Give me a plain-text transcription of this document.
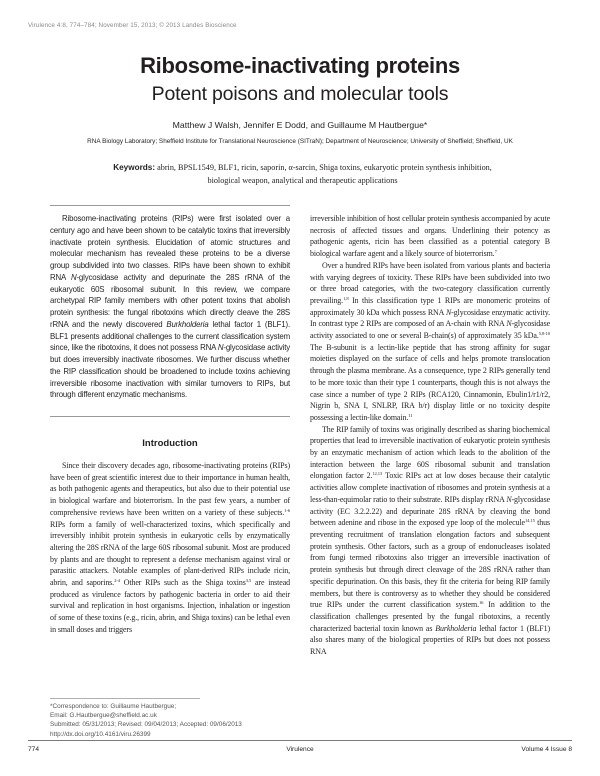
Virulence 4:8, 774–784; November 15, 2013; © 2013 Landes Bioscience
Ribosome-inactivating proteins
Potent poisons and molecular tools
Matthew J Walsh, Jennifer E Dodd, and Guillaume M Hautbergue*
RNA Biology Laboratory; Sheffield Institute for Translational Neuroscience (SITraN); Department of Neuroscience; University of Sheffield; Sheffield, UK
Keywords: abrin, BPSL1549, BLF1, ricin, saporin, α-sarcin, Shiga toxins, eukaryotic protein synthesis inhibition,
biological weapon, analytical and therapeutic applications

Ribosome-inactivating proteins (RIPs) were first isolated over a century ago and have been shown to be catalytic toxins that irreversibly inactivate protein synthesis. Elucidation of atomic structures and molecular mechanism has revealed these proteins to be a diverse group subdivided into two classes. RIPs have been shown to exhibit RNA N-glycosidase activity and depurinate the 28S rRNA of the eukaryotic 60S ribosomal subunit. In this review, we compare archetypal RIP family members with other potent toxins that abolish protein synthesis: the fungal ribotoxins which directly cleave the 28S rRNA and the newly discovered Burkholderia lethal factor 1 (BLF1). BLF1 presents additional challenges to the current classification system since, like the ribotoxins, it does not possess RNA N-glycosidase activity but does irreversibly inactivate ribosomes. We further discuss whether the RIP classification should be broadened to include toxins achieving irreversible ribosome inactivation with similar turnovers to RIPs, but through different enzymatic mechanisms.

Introduction

Since their discovery decades ago, ribosome-inactivating proteins (RIPs) have been of great scientific interest due to their importance in human health, as both pathogenic agents and therapeutics, but also due to their potential use in biological warfare and bioterrorism. In the past few years, a number of comprehensive reviews have been written on a variety of these subjects.$^{1-6}$ RIPs form a family of well-characterized toxins, which specifically and irreversibly inhibit protein synthesis in eukaryotic cells by enzymatically altering the 28S rRNA of the large 60S ribosomal subunit. Most are produced by plants and are thought to represent a defense mechanism against viral or parasitic attackers. Notable examples of plant-derived RIPs include ricin, abrin, and saporins.$^{2-4}$ Other RIPs such as the Shiga toxins$^{3,5}$ are instead produced as virulence factors by pathogenic bacteria in order to aid their survival and replication in host organisms. Injection, inhalation or ingestion of some of these toxins (e.g., ricin, abrin, and Shiga toxins) can be lethal even in small doses and triggers

irreversible inhibition of host cellular protein synthesis accompanied by acute necrosis of affected tissues and organs. Underlining their potency as pathogenic agents, ricin has been classified as a potential category B biological warfare agent and a likely source of bioterrorism.$^7$

Over a hundred RIPs have been isolated from various plants and bacteria with varying degrees of toxicity. These RIPs have been subdivided into two or three broad categories, with the two-category classification currently prevailing.$^{1,8}$ In this classification type 1 RIPs are monomeric proteins of approximately 30 kDa which possess RNA N-glycosidase enzymatic activity. In contrast type 2 RIPs are composed of an A-chain with RNA N-glycosidase activity associated to one or several B-chain(s) of approximately 35 kDa.$^{5,8-10}$ The B-subunit is a lectin-like peptide that has strong affinity for sugar moieties displayed on the surface of cells and helps promote translocation through the plasma membrane. As a consequence, type 2 RIPs generally tend to be more toxic than their type 1 counterparts, though this is not always the case since a number of type 2 RIPs (RCA120, Cinnamonin, Ebulin1/r1/r2, Nigrin b, SNA I, SNLRP, IRA b/r) display little or no toxicity despite possessing a lectin-like domain.$^{11}$

The RIP family of toxins was originally described as sharing biochemical properties that lead to irreversible inactivation of eukaryotic protein synthesis by an enzymatic mechanism of action which leads to the abolition of the interaction between the large 60S ribosomal subunit and translation elongation factor 2.$^{12,13}$ Toxic RIPs act at low doses because their catalytic activities allow complete inactivation of ribosomes and protein synthesis at a less-than-equimolar ratio to their substrate. RIPs display rRNA N-glycosidase activity (EC 3.2.2.22) and depurinate 28S rRNA by cleaving the bond between adenine and ribose in the exposed ype loop of the molecule$^{14,15}$ thus preventing recruitment of translation elongation factors and subsequent protein synthesis. Other factors, such as a group of endonucleases isolated from fungi termed ribotoxins also trigger an irreversible inactivation of protein synthesis but through direct cleavage of the 28S rRNA rather than specific depurination. On this basis, they fit the criteria for being RIP family members, but there is controversy as to whether they should be considered true RIPs under the current classification system.$^{16}$ In addition to the classification challenges presented by the fungal ribotoxins, a recently characterized bacterial toxin known as Burkholderia lethal factor 1 (BLF1) also shares many of the biological properties of RIPs but does not possess RNA

*Correspondence to: Guillaume Hautbergue;
Email: G.Hautbergue@sheffield.ac.uk
Submitted: 05/31/2013; Revised: 09/04/2013; Accepted: 09/06/2013
http://dx.doi.org/10.4161/viru.26399
774	Virulence	Volume 4 Issue 8
